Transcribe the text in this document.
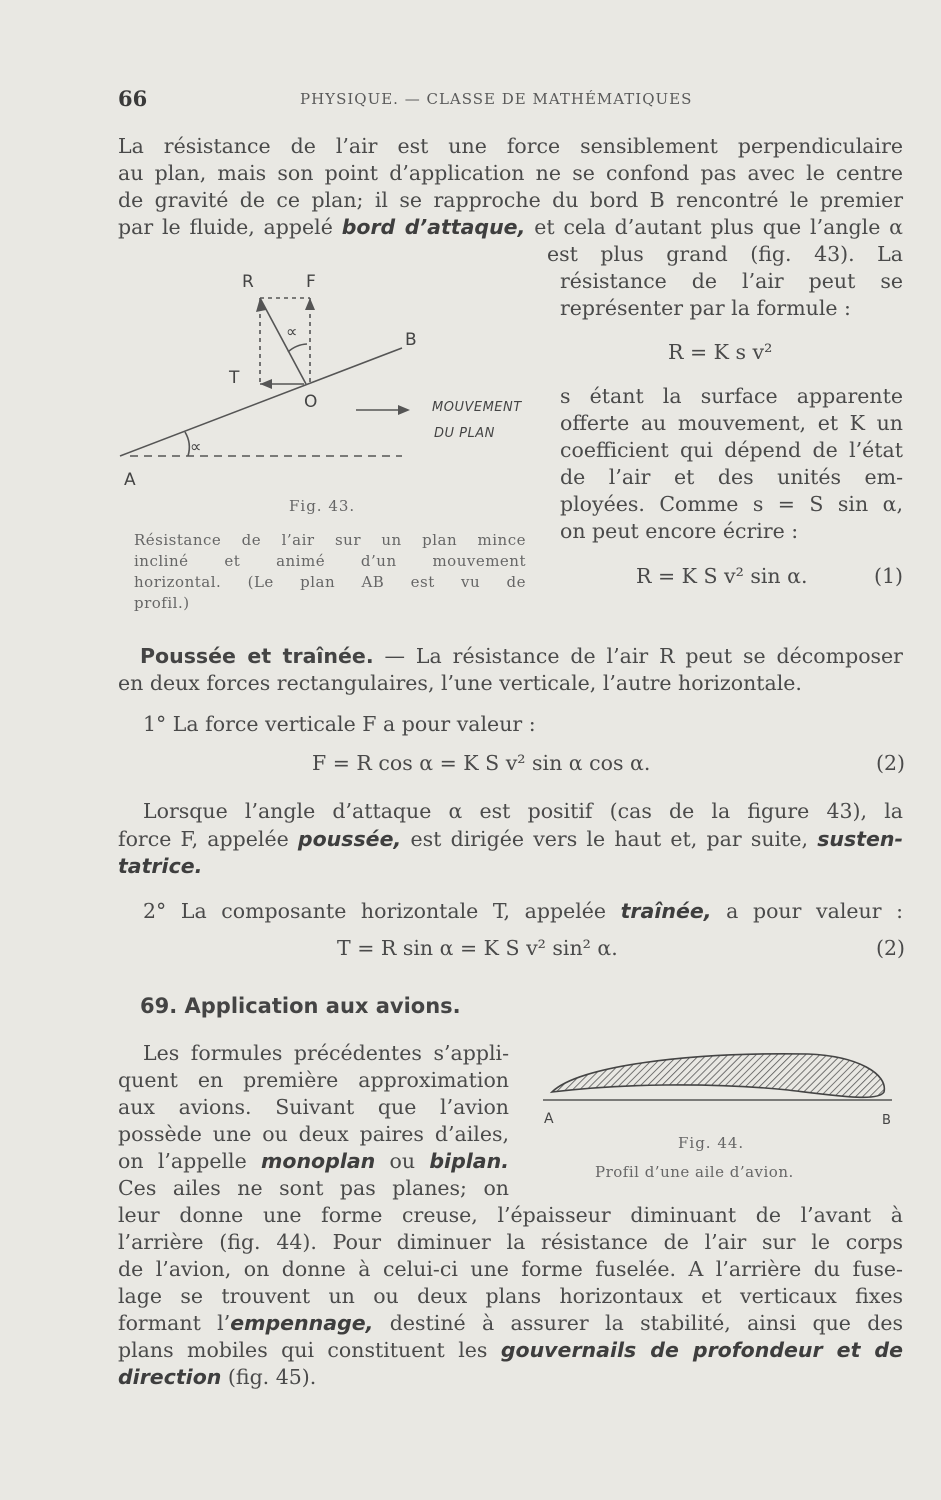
66	PHYSIQUE. — CLASSE DE MATHÉMATIQUES
La résistance de l’air est une force sensiblement perpendiculaire
au plan, mais son point d’application ne se confond pas avec le centre
de gravité de ce plan; il se rapproche du bord B rencontré le premier
par le fluide, appelé bord d’attaque, et cela d’autant plus que l’angle α
est plus grand (fig. 43). La
résistance de l’air peut se
représenter par la formule :
R = K s v²
s étant la surface apparente
offerte au mouvement, et K un
coefficient qui dépend de l’état
de l’air et des unités em-
ployées. Comme s = S sin α,
on peut encore écrire :
R = K S v² sin α.	(1)
R	F
B
T
O
A
∝
∝
MOUVEMENT
DU PLAN
Fig. 43.
Résistance de l’air sur un plan mince
incliné et animé d’un mouvement
horizontal. (Le plan AB est vu de
profil.)
Poussée et traînée. — La résistance de l’air R peut se décomposer
en deux forces rectangulaires, l’une verticale, l’autre horizontale.
1° La force verticale F a pour valeur :
F = R cos α = K S v² sin α cos α.	(2)
Lorsque l’angle d’attaque α est positif (cas de la figure 43), la
force F, appelée poussée, est dirigée vers le haut et, par suite, susten-
tatrice.
2° La composante horizontale T, appelée traînée, a pour valeur :
T = R sin α = K S v² sin² α.	(2)
69. Application aux avions.
Les formules précédentes s’appli-
quent en première approximation
aux avions. Suivant que l’avion
possède une ou deux paires d’ailes,
on l’appelle monoplan ou biplan.
Ces ailes ne sont pas planes; on
leur donne une forme creuse, l’épaisseur diminuant de l’avant à
l’arrière (fig. 44). Pour diminuer la résistance de l’air sur le corps
de l’avion, on donne à celui-ci une forme fuselée. A l’arrière du fuse-
lage se trouvent un ou deux plans horizontaux et verticaux fixes
formant l’empennage, destiné à assurer la stabilité, ainsi que des
plans mobiles qui constituent les gouvernails de profondeur et de
direction (fig. 45).
A	B
Fig. 44.
Profil d’une aile d’avion.
